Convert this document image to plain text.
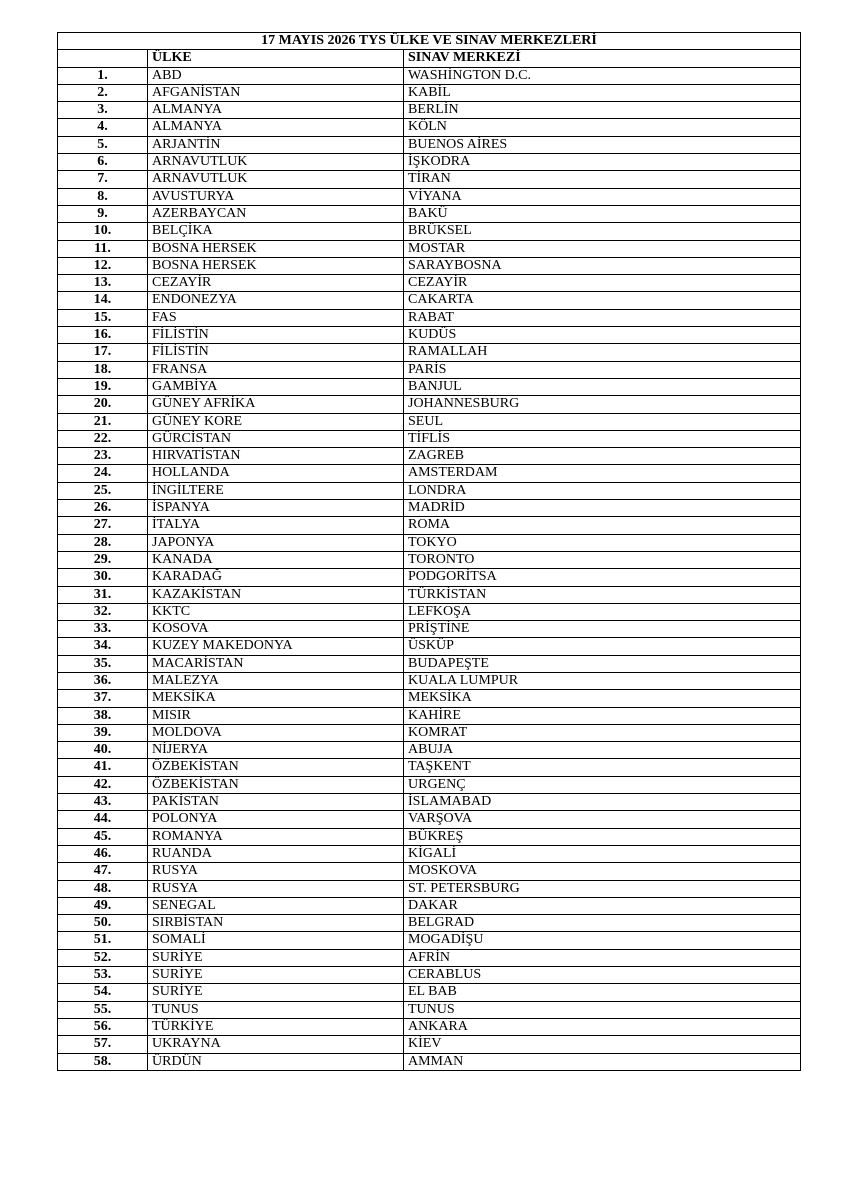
17 MAYIS 2026 TYS ÜLKE VE SINAV MERKEZLERİ		
	ÜLKE	SINAV MERKEZİ
1.	ABD	WASHİNGTON D.C.
2.	AFGANİSTAN	KABİL
3.	ALMANYA	BERLİN
4.	ALMANYA	KÖLN
5.	ARJANTİN	BUENOS AİRES
6.	ARNAVUTLUK	İŞKODRA
7.	ARNAVUTLUK	TİRAN
8.	AVUSTURYA	VİYANA
9.	AZERBAYCAN	BAKÜ
10.	BELÇİKA	BRÜKSEL
11.	BOSNA HERSEK	MOSTAR
12.	BOSNA HERSEK	SARAYBOSNA
13.	CEZAYİR	CEZAYİR
14.	ENDONEZYA	CAKARTA
15.	FAS	RABAT
16.	FİLİSTİN	KUDÜS
17.	FİLİSTİN	RAMALLAH
18.	FRANSA	PARİS
19.	GAMBİYA	BANJUL
20.	GÜNEY AFRİKA	JOHANNESBURG
21.	GÜNEY KORE	SEUL
22.	GÜRCİSTAN	TİFLİS
23.	HIRVATİSTAN	ZAGREB
24.	HOLLANDA	AMSTERDAM
25.	İNGİLTERE	LONDRA
26.	İSPANYA	MADRİD
27.	İTALYA	ROMA
28.	JAPONYA	TOKYO
29.	KANADA	TORONTO
30.	KARADAĞ	PODGORİTSA
31.	KAZAKİSTAN	TÜRKİSTAN
32.	KKTC	LEFKOŞA
33.	KOSOVA	PRİŞTİNE
34.	KUZEY MAKEDONYA	ÜSKÜP
35.	MACARİSTAN	BUDAPEŞTE
36.	MALEZYA	KUALA LUMPUR
37.	MEKSİKA	MEKSİKA
38.	MISIR	KAHİRE
39.	MOLDOVA	KOMRAT
40.	NİJERYA	ABUJA
41.	ÖZBEKİSTAN	TAŞKENT
42.	ÖZBEKİSTAN	URGENÇ
43.	PAKİSTAN	İSLAMABAD
44.	POLONYA	VARŞOVA
45.	ROMANYA	BÜKREŞ
46.	RUANDA	KİGALİ
47.	RUSYA	MOSKOVA
48.	RUSYA	ST. PETERSBURG
49.	SENEGAL	DAKAR
50.	SIRBİSTAN	BELGRAD
51.	SOMALİ	MOGADİŞU
52.	SURİYE	AFRİN
53.	SURİYE	CERABLUS
54.	SURİYE	EL BAB
55.	TUNUS	TUNUS
56.	TÜRKİYE	ANKARA
57.	UKRAYNA	KİEV
58.	ÜRDÜN	AMMAN
